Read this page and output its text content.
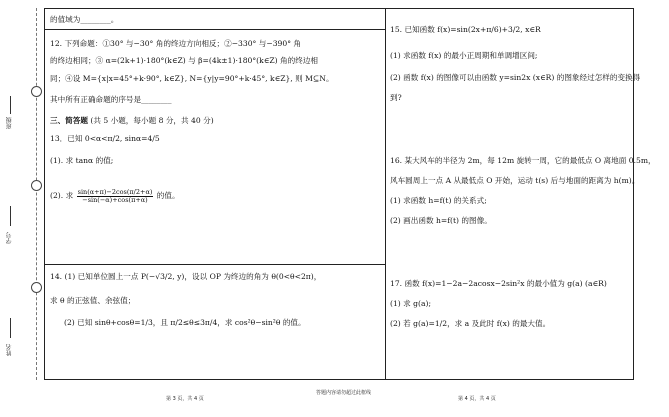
班级
学号
姓名
的值域为________。
12. 下列命题：①30° 与−30° 角的终边方向相反；②−330° 与−390° 角
的终边相同；③ α=(2k+1)·180°(k∈Z) 与 β=(4k±1)·180°(k∈Z) 角的终边相
同；④设 M={x|x=45°+k·90°, k∈Z}, N={y|y=90°+k·45°, k∈Z}, 则 M⊆N。
其中所有正确命题的序号是________
三、简答题 (共 5 小题，每小题 8 分，共 40 分)
13．已知 0<α<π/2, sinα=4/5
(1). 求 tanα 的值;
(2). 求 $\frac{\sin(\alpha+\pi)-2\cos(\pi/2+\alpha)}{-\sin(-\alpha)+\cos(\pi+\alpha)}$ 的值。
14. (1) 已知单位圆上一点 P(−√3/2, y)，设以 OP 为终边的角为 θ(0<θ<2π)，
求 θ 的正弦值、余弦值；
(2) 已知 sinθ+cosθ=1/3，且 π/2≤θ≤3π/4，求 cos²θ−sin²θ 的值。
15. 已知函数 f(x)=sin(2x+π/6)+3/2, x∈R
(1) 求函数 f(x) 的最小正周期和单调增区间;
(2) 函数 f(x) 的图像可以由函数 y=sin2x (x∈R) 的图象经过怎样的变换得
到?
16. 某大风车的半径为 2m，每 12m 旋转一周，它的最低点 O 离地面 0.5m，
风车圆周上一点 A 从最低点 O 开始，运动 t(s) 后与地面的距离为 h(m)。
(1) 求函数 h=f(t) 的关系式;
(2) 画出函数 h=f(t) 的图像。
17. 函数 f(x)=1−2a−2acosx−2sin²x 的最小值为 g(a) (a∈R)
(1) 求 g(a);
(2) 若 g(a)=1/2，求 a 及此时 f(x) 的最大值。
第 3 页，共 4 页
答题内容请勿超过此框线
第 4 页，共 4 页
